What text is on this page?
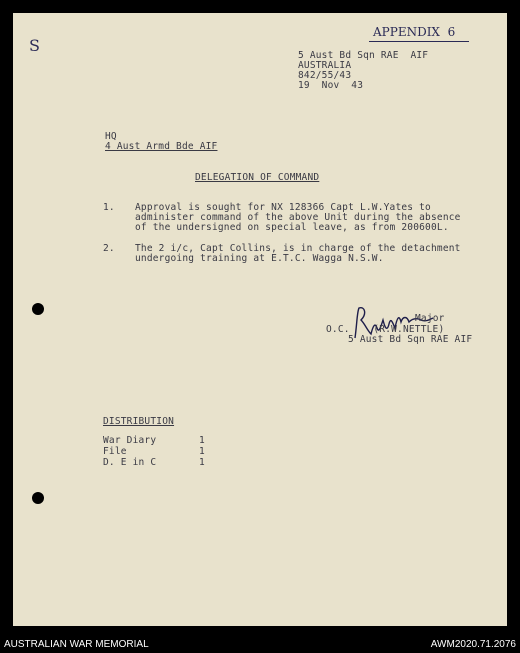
APPENDIX  6
S
5 Aust Bd Sqn RAE  AIF
AUSTRALIA
842/55/43
19  Nov  43
HQ
4 Aust Armd Bde AIF
DELEGATION OF COMMAND
1. Approval is sought for NX 128366 Capt L.W.Yates to
administer command of the above Unit during the absence
of the undersigned on special leave, as from 200600L.
2. The 2 i/c, Capt Collins, is in charge of the detachment
undergoing training at E.T.C. Wagga N.S.W.

Major
O.C.    (R.W.NETTLE)
5 Aust Bd Sqn RAE AIF
DISTRIBUTION
War Diary	1
File	1
D. E in C	1
AUSTRALIAN WAR MEMORIAL	AWM2020.71.2076
